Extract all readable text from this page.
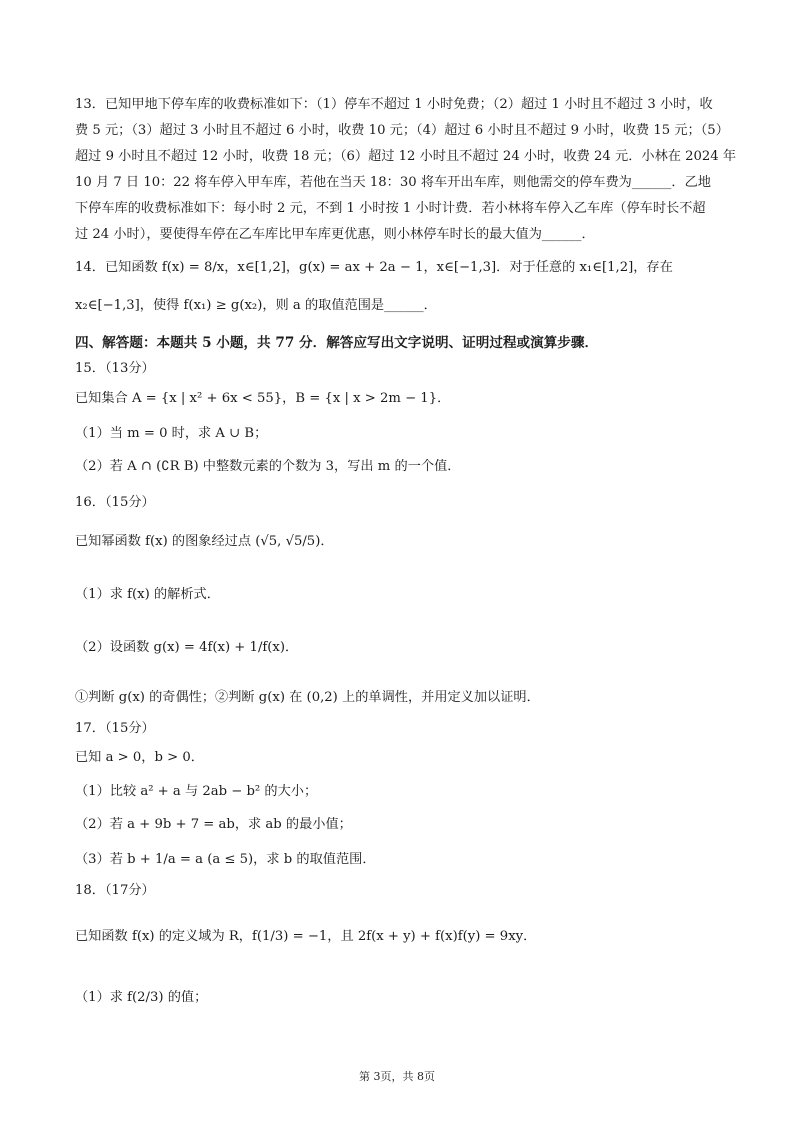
13．已知甲地下停车库的收费标准如下：（1）停车不超过 1 小时免费；（2）超过 1 小时且不超过 3 小时，收
费 5 元；（3）超过 3 小时且不超过 6 小时，收费 10 元；（4）超过 6 小时且不超过 9 小时，收费 15 元；（5）
超过 9 小时且不超过 12 小时，收费 18 元；（6）超过 12 小时且不超过 24 小时，收费 24 元．小林在 2024 年
10 月 7 日 10：22 将车停入甲车库，若他在当天 18：30 将车开出车库，则他需交的停车费为______．乙地
下停车库的收费标准如下：每小时 2 元，不到 1 小时按 1 小时计费．若小林将车停入乙车库（停车时长不超
过 24 小时），要使得车停在乙车库比甲车库更优惠，则小林停车时长的最大值为______．
14．已知函数 f(x) = 8/x，x∈[1,2]，g(x) = ax + 2a − 1，x∈[−1,3]．对于任意的 x₁∈[1,2]，存在
x₂∈[−1,3]，使得 f(x₁) ≥ g(x₂)，则 a 的取值范围是______．
四、解答题：本题共 5 小题，共 77 分．解答应写出文字说明、证明过程或演算步骤．
15．（13分）
已知集合 A = {x | x² + 6x < 55}，B = {x | x > 2m − 1}．
（1）当 m = 0 时，求 A ∪ B；
（2）若 A ∩ (∁R B) 中整数元素的个数为 3，写出 m 的一个值．
16．（15分）
已知幂函数 f(x) 的图象经过点 (√5, √5/5)．
（1）求 f(x) 的解析式．
（2）设函数 g(x) = 4f(x) + 1/f(x)．
①判断 g(x) 的奇偶性；②判断 g(x) 在 (0,2) 上的单调性，并用定义加以证明．
17．（15分）
已知 a > 0，b > 0．
（1）比较 a² + a 与 2ab − b² 的大小；
（2）若 a + 9b + 7 = ab，求 ab 的最小值；
（3）若 b + 1/a = a (a ≤ 5)，求 b 的取值范围．
18．（17分）
已知函数 f(x) 的定义域为 R，f(1/3) = −1，且 2f(x + y) + f(x)f(y) = 9xy．
（1）求 f(2/3) 的值；
第 3页，共 8页
